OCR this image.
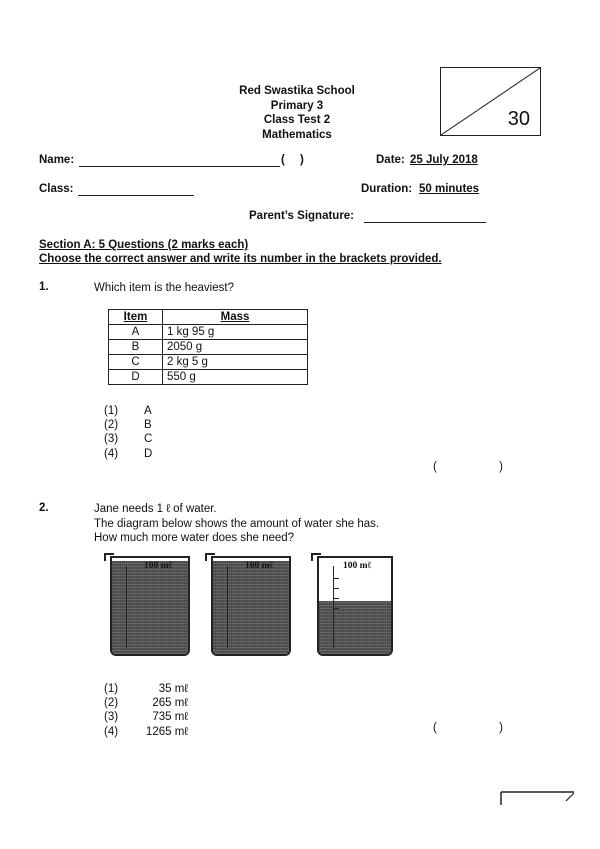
Red Swastika School
Primary 3
Class Test 2
Mathematics
30
Name:	( )	Date: 25 July 2018
Class:	Duration: 50 minutes
Parent’s Signature:
Section A: 5 Questions (2 marks each)
Choose the correct answer and write its number in the brackets provided.
1.	Which item is the heaviest?
Item	Mass
A	1 kg 95 g
B	2050 g
C	2 kg 5 g
D	550 g
(1) A
(2) B
(3) C
(4) D
(	)
2.	Jane needs 1 ℓ of water.
The diagram below shows the amount of water she has.
How much more water does she need?
100 mℓ	100 mℓ	100 mℓ
(1)	35 mℓ
(2)	265 mℓ
(3)	735 mℓ
(4) 1265 mℓ	(	)
